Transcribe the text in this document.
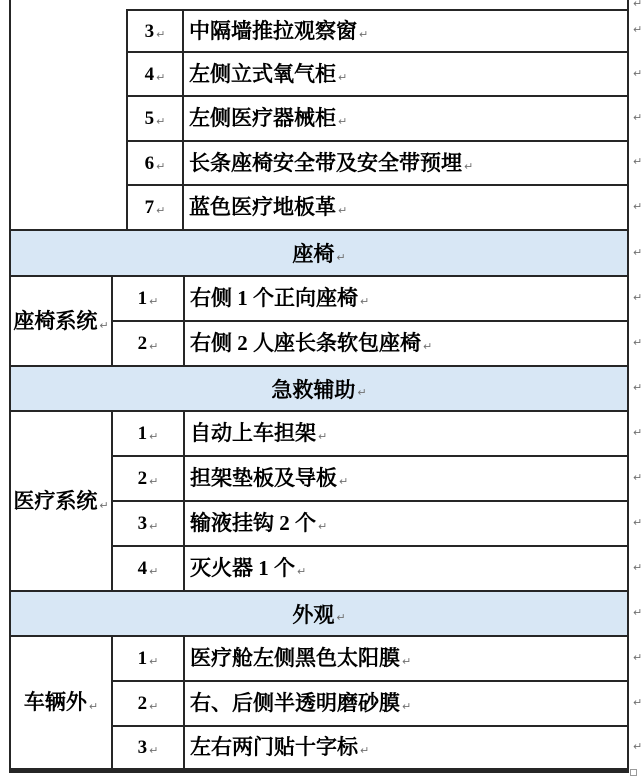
3 ↵ 中隔墙推拉观察窗 ↵
4 ↵ 左侧立式氧气柜 ↵
5 ↵ 左侧医疗器械柜 ↵
6 ↵ 长条座椅安全带及安全带预埋 ↵
7 ↵ 蓝色医疗地板革 ↵
座椅 ↵
座椅系统 ↵
1 ↵ 右侧 1 个正向座椅 ↵
2 ↵ 右侧 2 人座长条软包座椅 ↵
急救辅助 ↵
医疗系统 ↵
1 ↵ 自动上车担架 ↵
2 ↵ 担架垫板及导板 ↵
3 ↵ 输液挂钩 2 个 ↵
4 ↵ 灭火器 1 个 ↵
外观 ↵
车辆外 ↵
1 ↵ 医疗舱左侧黑色太阳膜 ↵
2 ↵ 右、后侧半透明磨砂膜 ↵
3 ↵ 左右两门贴十字标 ↵
↵
↵
↵
↵
↵
↵
↵
↵
↵
↵
↵
↵
↵
↵
↵
↵
↵
↵
